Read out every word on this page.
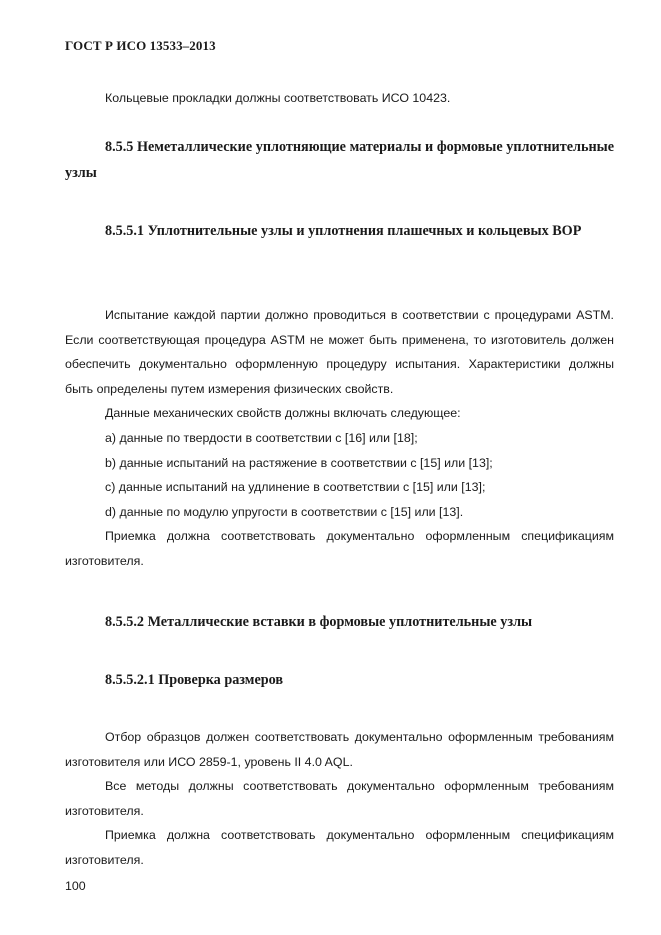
ГОСТ Р ИСО 13533–2013

Кольцевые прокладки должны соответствовать ИСО 10423.

8.5.5 Неметаллические уплотняющие материалы и формовые уплотнительные узлы

8.5.5.1 Уплотнительные узлы и уплотнения плашечных и кольцевых ВОР

Испытание каждой партии должно проводиться в соответствии с процедурами ASTM. Если соответствующая процедура ASTM не может быть применена, то изготовитель должен обеспечить документально оформленную процедуру испытания. Характеристики должны быть определены путем измерения физических свойств.

Данные механических свойств должны включать следующее:

a) данные по твердости в соответствии с [16] или [18];

b) данные испытаний на растяжение в соответствии с [15] или [13];

c) данные испытаний на удлинение в соответствии с [15] или [13];

d) данные по модулю упругости в соответствии с [15] или [13].

Приемка должна соответствовать документально оформленным спецификациям изготовителя.

8.5.5.2 Металлические вставки в формовые уплотнительные узлы

8.5.5.2.1 Проверка размеров

Отбор образцов должен соответствовать документально оформленным требованиям изготовителя или ИСО 2859-1, уровень II 4.0 AQL.

Все методы должны соответствовать документально оформленным требованиям изготовителя.

Приемка должна соответствовать документально оформленным спецификациям изготовителя.

100
